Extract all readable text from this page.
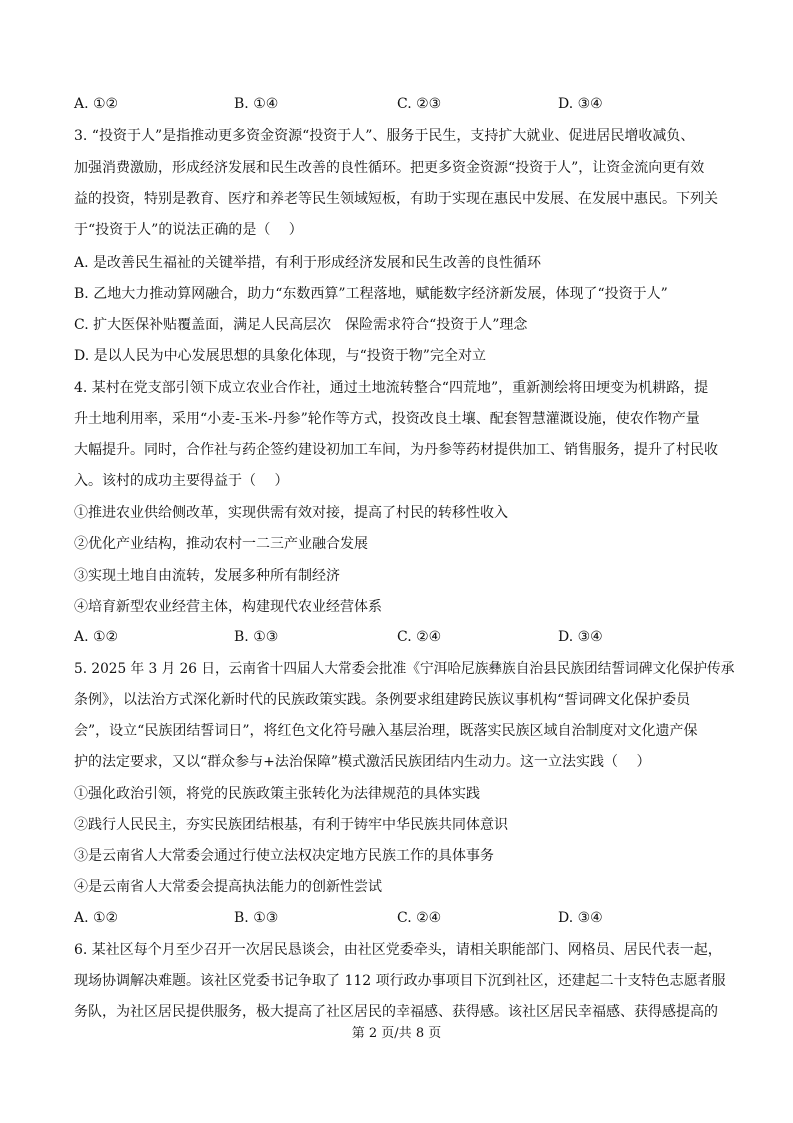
A. ①②	B. ①④	C. ②③	D. ③④
3. “投资于人”是指推动更多资金资源“投资于人”、服务于民生，支持扩大就业、促进居民增收减负、
加强消费激励，形成经济发展和民生改善的良性循环。把更多资金资源“投资于人”，让资金流向更有效
益的投资，特别是教育、医疗和养老等民生领域短板，有助于实现在惠民中发展、在发展中惠民。下列关
于“投资于人”的说法正确的是（　 ）
A. 是改善民生福祉的关键举措，有利于形成经济发展和民生改善的良性循环
B. 乙地大力推动算网融合，助力“东数西算”工程落地，赋能数字经济新发展，体现了“投资于人”
C. 扩大医保补贴覆盖面，满足人民高层次　保险需求符合“投资于人”理念
D. 是以人民为中心发展思想的具象化体现，与“投资于物”完全对立
4. 某村在党支部引领下成立农业合作社，通过土地流转整合“四荒地”，重新测绘将田埂变为机耕路，提
升土地利用率，采用“小麦-玉米-丹参”轮作等方式，投资改良土壤、配套智慧灌溉设施，使农作物产量
大幅提升。同时，合作社与药企签约建设初加工车间，为丹参等药材提供加工、销售服务，提升了村民收
入。该村的成功主要得益于（　 ）
①推进农业供给侧改革，实现供需有效对接，提高了村民的转移性收入
②优化产业结构，推动农村一二三产业融合发展
③实现土地自由流转，发展多种所有制经济
④培育新型农业经营主体，构建现代农业经营体系
A. ①②	B. ①③	C. ②④	D. ③④
5. 2025 年 3 月 26 日，云南省十四届人大常委会批准《宁洱哈尼族彝族自治县民族团结誓词碑文化保护传承
条例》，以法治方式深化新时代的民族政策实践。条例要求组建跨民族议事机构“誓词碑文化保护委员
会”，设立“民族团结誓词日”，将红色文化符号融入基层治理，既落实民族区域自治制度对文化遗产保
护的法定要求，又以“群众参与+法治保障”模式激活民族团结内生动力。这一立法实践（　 ）
①强化政治引领，将党的民族政策主张转化为法律规范的具体实践
②践行人民民主，夯实民族团结根基，有利于铸牢中华民族共同体意识
③是云南省人大常委会通过行使立法权决定地方民族工作的具体事务
④是云南省人大常委会提高执法能力的创新性尝试
A. ①②	B. ①③	C. ②④	D. ③④
6. 某社区每个月至少召开一次居民恳谈会，由社区党委牵头，请相关职能部门、网格员、居民代表一起，
现场协调解决难题。该社区党委书记争取了 112 项行政办事项目下沉到社区，还建起二十支特色志愿者服
务队，为社区居民提供服务，极大提高了社区居民的幸福感、获得感。该社区居民幸福感、获得感提高的
第 2 页/共 8 页
